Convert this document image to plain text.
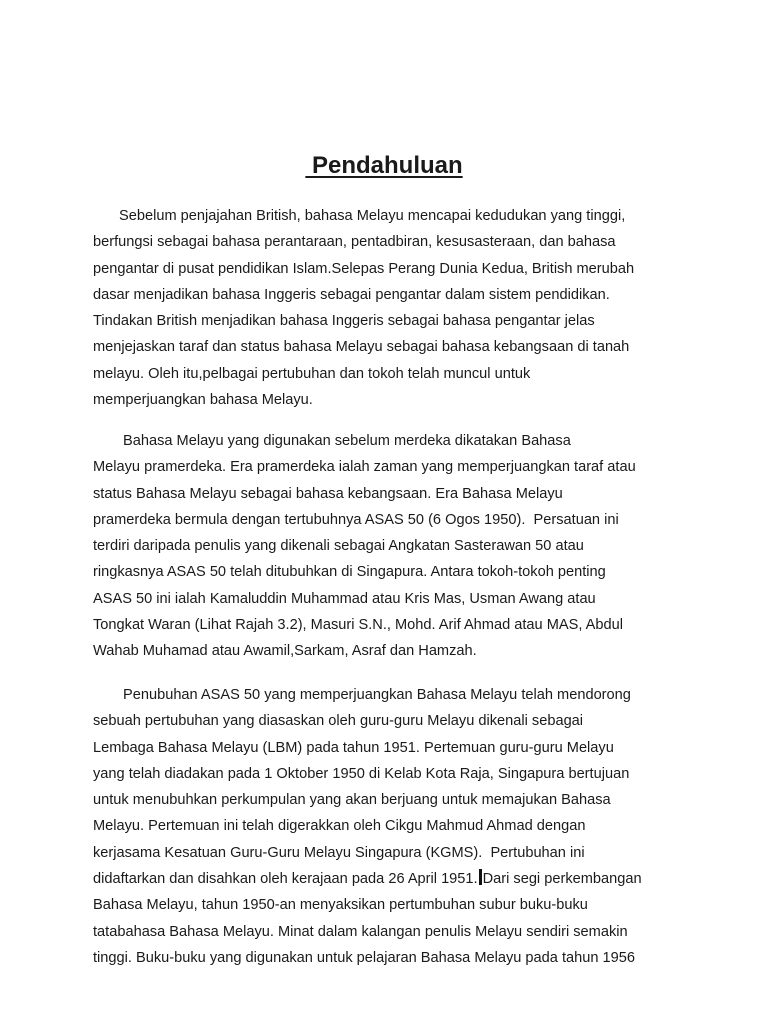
Pendahuluan
Sebelum penjajahan British, bahasa Melayu mencapai kedudukan yang tinggi,
berfungsi sebagai bahasa perantaraan, pentadbiran, kesusasteraan, dan bahasa
pengantar di pusat pendidikan Islam.Selepas Perang Dunia Kedua, British merubah
dasar menjadikan bahasa Inggeris sebagai pengantar dalam sistem pendidikan.
Tindakan British menjadikan bahasa Inggeris sebagai bahasa pengantar jelas
menjejaskan taraf dan status bahasa Melayu sebagai bahasa kebangsaan di tanah
melayu. Oleh itu,pelbagai pertubuhan dan tokoh telah muncul untuk
memperjuangkan bahasa Melayu.
Bahasa Melayu yang digunakan sebelum merdeka dikatakan Bahasa
Melayu pramerdeka. Era pramerdeka ialah zaman yang memperjuangkan taraf atau
status Bahasa Melayu sebagai bahasa kebangsaan. Era Bahasa Melayu
pramerdeka bermula dengan tertubuhnya ASAS 50 (6 Ogos 1950).  Persatuan ini
terdiri daripada penulis yang dikenali sebagai Angkatan Sasterawan 50 atau
ringkasnya ASAS 50 telah ditubuhkan di Singapura. Antara tokoh-tokoh penting
ASAS 50 ini ialah Kamaluddin Muhammad atau Kris Mas, Usman Awang atau
Tongkat Waran (Lihat Rajah 3.2), Masuri S.N., Mohd. Arif Ahmad atau MAS, Abdul
Wahab Muhamad atau Awamil,Sarkam, Asraf dan Hamzah.
Penubuhan ASAS 50 yang memperjuangkan Bahasa Melayu telah mendorong
sebuah pertubuhan yang diasaskan oleh guru-guru Melayu dikenali sebagai
Lembaga Bahasa Melayu (LBM) pada tahun 1951. Pertemuan guru-guru Melayu
yang telah diadakan pada 1 Oktober 1950 di Kelab Kota Raja, Singapura bertujuan
untuk menubuhkan perkumpulan yang akan berjuang untuk memajukan Bahasa
Melayu. Pertemuan ini telah digerakkan oleh Cikgu Mahmud Ahmad dengan
kerjasama Kesatuan Guru-Guru Melayu Singapura (KGMS).  Pertubuhan ini
didaftarkan dan disahkan oleh kerajaan pada 26 April 1951. Dari segi perkembangan
Bahasa Melayu, tahun 1950-an menyaksikan pertumbuhan subur buku-buku
tatabahasa Bahasa Melayu. Minat dalam kalangan penulis Melayu sendiri semakin
tinggi. Buku-buku yang digunakan untuk pelajaran Bahasa Melayu pada tahun 1956
